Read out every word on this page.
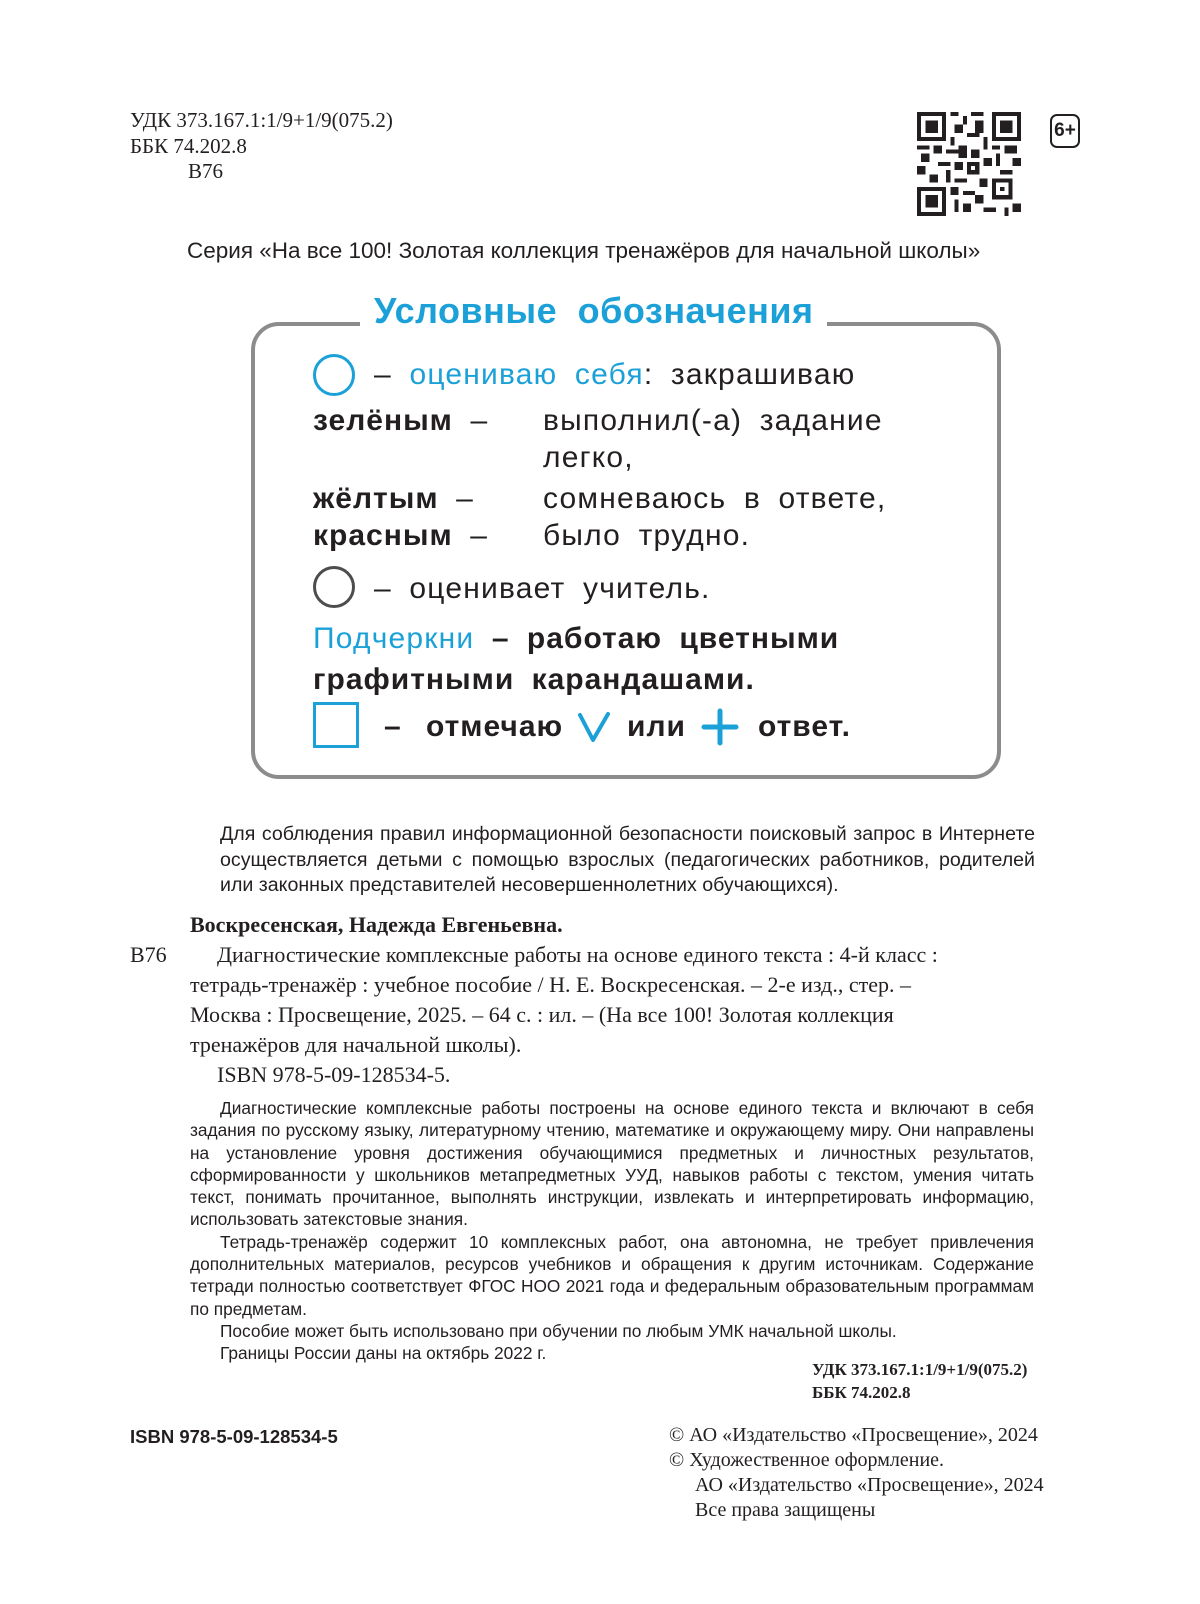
УДК 373.167.1:1/9+1/9(075.2)
ББК 74.202.8
В76
6+
Серия «На все 100! Золотая коллекция тренажёров для начальной школы»
Условные обозначения
– оцениваю себя: закрашиваю
зелёным – выполнил(-а) задание
легко,
жёлтым – сомневаюсь в ответе,
красным – было трудно.
– оценивает учитель.
Подчеркни – работаю цветными
графитными карандашами.
– отмечаю или ответ.
Для соблюдения правил информационной безопасности поисковый запрос в Интернете осуществляется детьми с помощью взрослых (педагогических работников, родителей или законных представителей несовершеннолетних обучающихся).
Воскресенская, Надежда Евгеньевна.
В76 Диагностические комплексные работы на основе единого текста : 4-й класс :
тетрадь-тренажёр : учебное пособие / Н. Е. Воскресенская. – 2-е изд., стер. –
Москва : Просвещение, 2025. – 64 с. : ил. – (На все 100! Золотая коллекция
тренажёров для начальной школы).
ISBN 978-5-09-128534-5.
Диагностические комплексные работы построены на основе единого текста и включают в себя задания по русскому языку, литературному чтению, математике и окружающему миру. Они направлены на установление уровня достижения обучающимися предметных и личностных результатов, сформированности у школьников метапредметных УУД, навыков работы с текстом, умения читать текст, понимать прочитанное, выполнять инструкции, извлекать и интерпретировать информацию, использовать затекстовые знания.
Тетрадь-тренажёр содержит 10 комплексных работ, она автономна, не требует привлечения дополнительных материалов, ресурсов учебников и обращения к другим источникам. Содержание тетради полностью соответствует ФГОС НОО 2021 года и федеральным образовательным программам по предметам.
Пособие может быть использовано при обучении по любым УМК начальной школы.
Границы России даны на октябрь 2022 г.
УДК 373.167.1:1/9+1/9(075.2)
ББК 74.202.8
ISBN 978-5-09-128534-5	© АО «Издательство «Просвещение», 2024
© Художественное оформление.
АО «Издательство «Просвещение», 2024
Все права защищены
